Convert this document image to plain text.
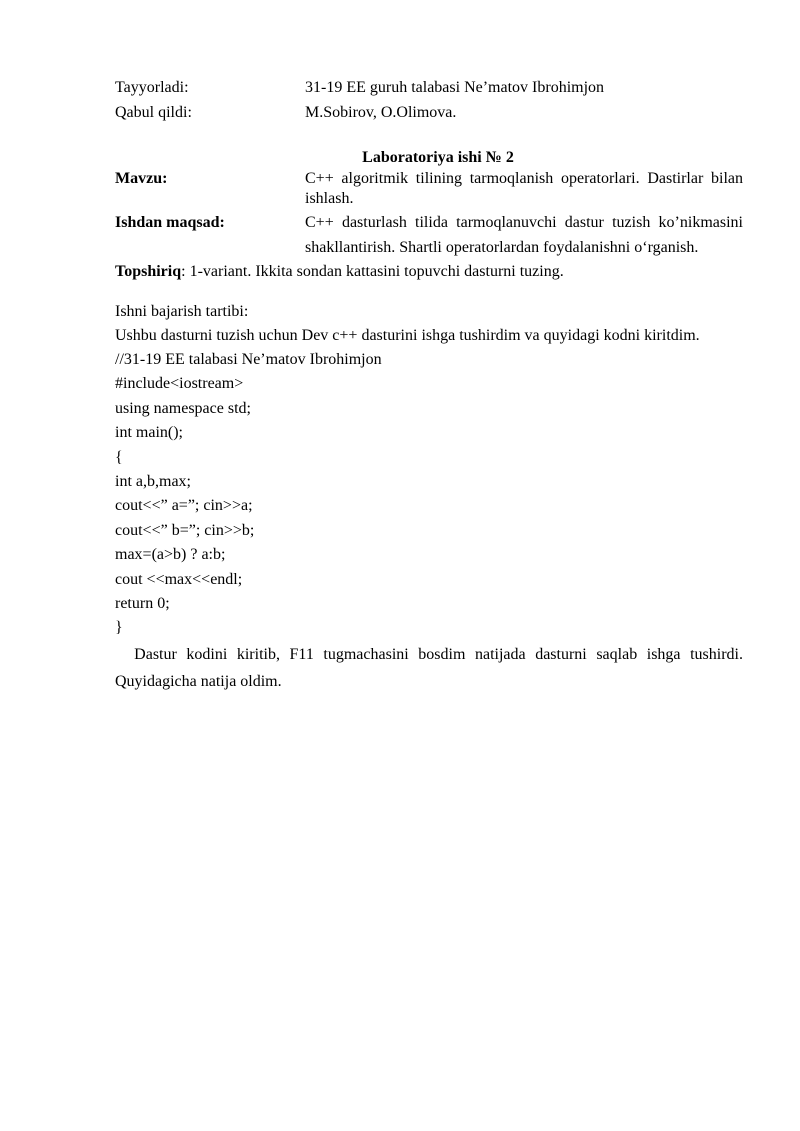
Tayyorladi:	31-19 EE guruh talabasi Ne’matov Ibrohimjon
Qabul qildi:	M.Sobirov, O.Olimova.
Laboratoriya ishi № 2
Mavzu:	C++ algoritmik tilining tarmoqlanish operatorlari. Dastirlar bilan ishlash.
Ishdan maqsad:	C++ dasturlash tilida tarmoqlanuvchi dastur tuzish ko’nikmasini shakllantirish. Shartli operatorlardan foydalanishni o‘rganish.
Topshiriq: 1-variant. Ikkita sondan kattasini topuvchi dasturni tuzing.
Ishni bajarish tartibi:
Ushbu dasturni tuzish uchun Dev c++ dasturini ishga tushirdim va quyidagi kodni kiritdim.
//31-19 EE talabasi Ne’matov Ibrohimjon
#include<iostream>
using namespace std;
int main();
{
int a,b,max;
cout<<” a=”; cin>>a;
cout<<” b=”; cin>>b;
max=(a>b) ? a:b;
cout <<max<<endl;
return 0;
}
Dastur kodini kiritib, F11 tugmachasini bosdim natijada dasturni saqlab ishga tushirdi. Quyidagicha natija oldim.
